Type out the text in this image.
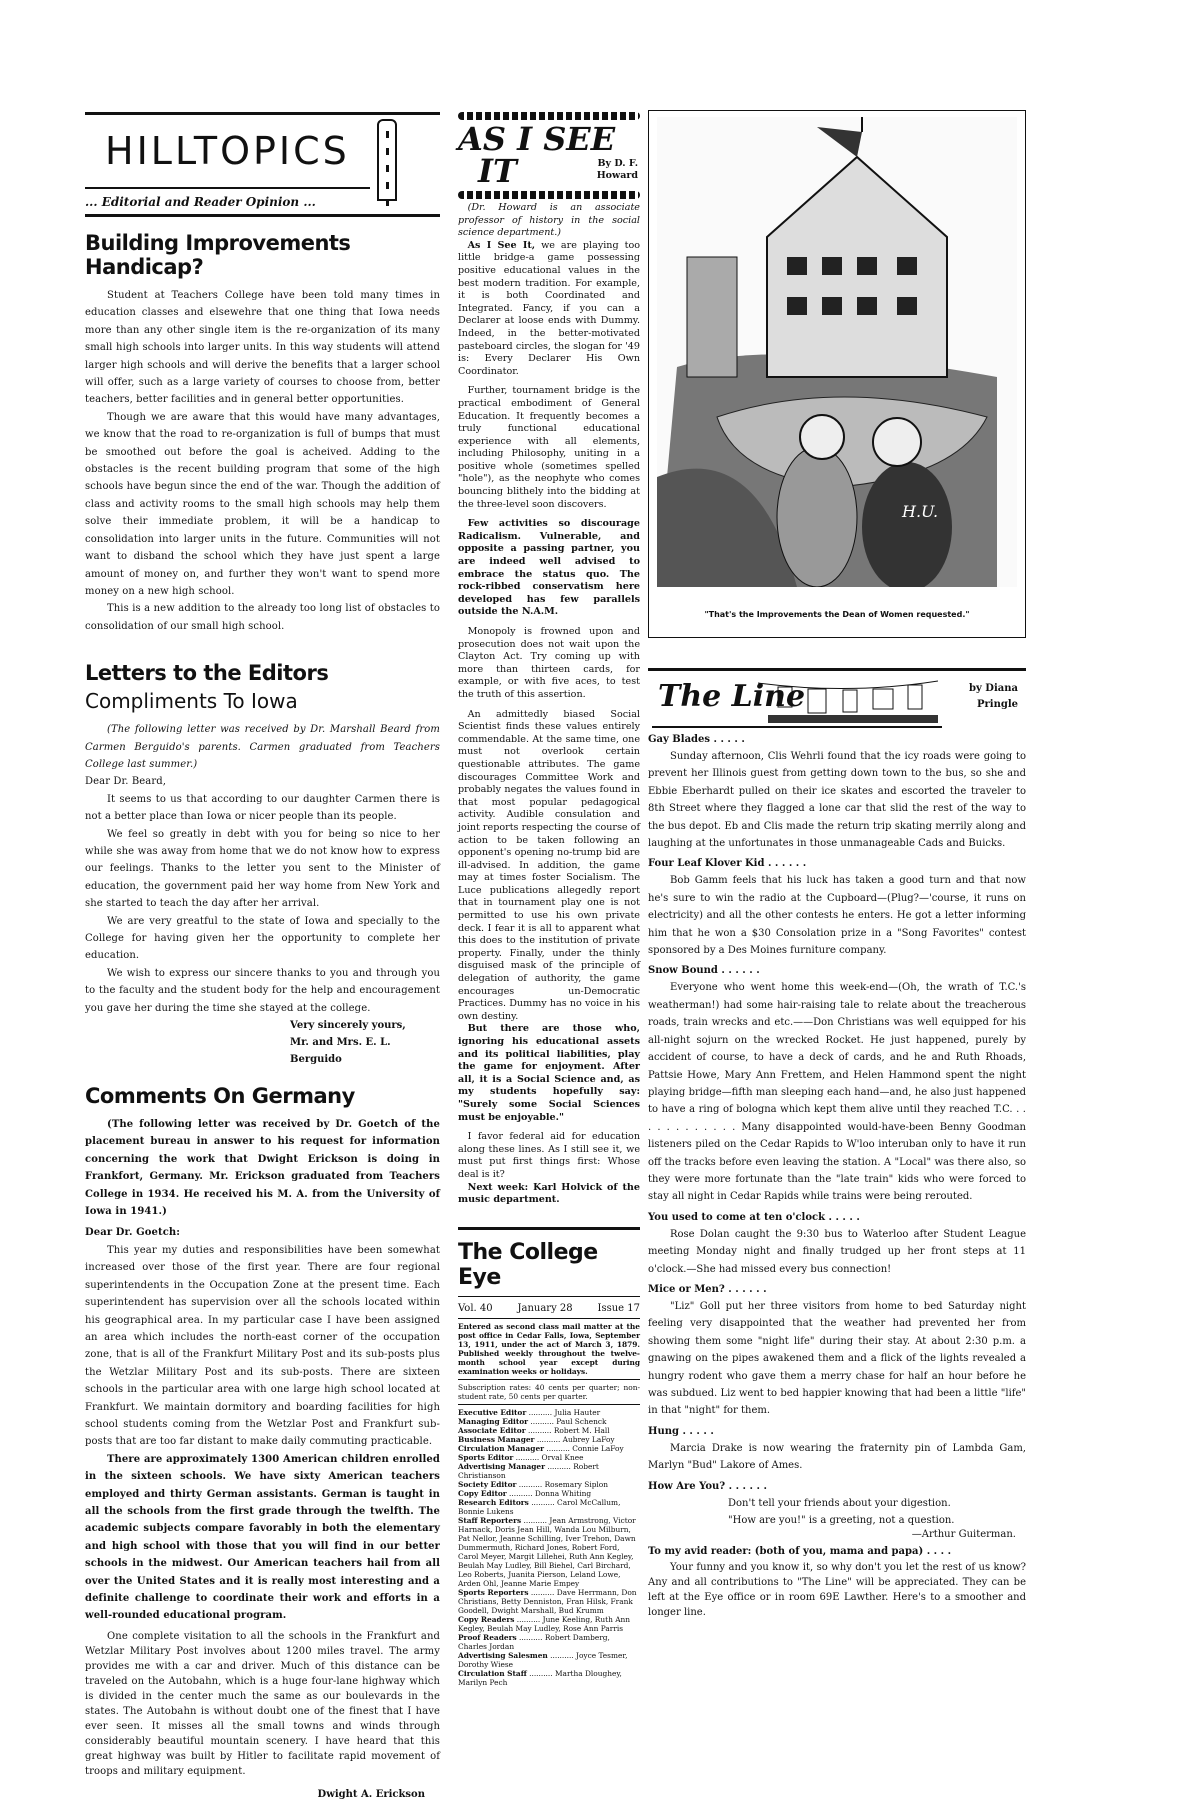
HILLTOPICS
... Editorial and Reader Opinion ...
Building Improvements Handicap?

Student at Teachers College have been told many times in education classes and elsewehre that one thing that Iowa needs more than any other single item is the re-organization of its many small high schools into larger units. In this way students will attend larger high schools and will derive the benefits that a larger school will offer, such as a large variety of courses to choose from, better teachers, better facilities and in general better opportunities.

Though we are aware that this would have many advantages, we know that the road to re-organization is full of bumps that must be smoothed out before the goal is acheived. Adding to the obstacles is the recent building program that some of the high schools have begun since the end of the war. Though the addition of class and activity rooms to the small high schools may help them solve their immediate problem, it will be a handicap to consolidation into larger units in the future. Communities will not want to disband the school which they have just spent a large amount of money on, and further they won't want to spend more money on a new high school.

This is a new addition to the already too long list of obstacles to consolidation of our small high school.

Letters to the Editors
Compliments To Iowa

(The following letter was received by Dr. Marshall Beard from Carmen Berguido's parents. Carmen graduated from Teachers College last summer.)

Dear Dr. Beard,

It seems to us that according to our daughter Carmen there is not a better place than Iowa or nicer people than its people.

We feel so greatly in debt with you for being so nice to her while she was away from home that we do not know how to express our feelings. Thanks to the letter you sent to the Minister of education, the government paid her way home from New York and she started to teach the day after her arrival.

We are very greatful to the state of Iowa and specially to the College for having given her the opportunity to complete her education.

We wish to express our sincere thanks to you and through you to the faculty and the student body for the help and encouragement you gave her during the time she stayed at the college.

Very sincerely yours,
Mr. and Mrs. E. L. Berguido
Comments On Germany

(The following letter was received by Dr. Goetch of the placement bureau in answer to his request for information concerning the work that Dwight Erickson is doing in Frankfort, Germany. Mr. Erickson graduated from Teachers College in 1934. He received his M. A. from the University of Iowa in 1941.)

Dear Dr. Goetch:

This year my duties and responsibilities have been somewhat increased over those of the first year. There are four regional superintendents in the Occupation Zone at the present time. Each superintendent has supervision over all the schools located within his geographical area. In my particular case I have been assigned an area which includes the north-east corner of the occupation zone, that is all of the Frankfurt Military Post and its sub-posts plus the Wetzlar Military Post and its sub-posts. There are sixteen schools in the particular area with one large high school located at Frankfurt. We maintain dormitory and boarding facilities for high school students coming from the Wetzlar Post and Frankfurt sub-posts that are too far distant to make daily commuting practicable.

There are approximately 1300 American children enrolled in the sixteen schools. We have sixty American teachers employed and thirty German assistants. German is taught in all the schools from the first grade through the twelfth. The academic subjects compare favorably in both the elementary and high school with those that you will find in our better schools in the midwest. Our American teachers hail from all over the United States and it is really most interesting and a definite challenge to coordinate their work and efforts in a well-rounded educational program.

One complete visitation to all the schools in the Frankfurt and Wetzlar Military Post involves about 1200 miles travel. The army provides me with a car and driver. Much of this distance can be traveled on the Autobahn, which is a huge four-lane highway which is divided in the center much the same as our boulevards in the states. The Autobahn is without doubt one of the finest that I have ever seen. It misses all the small towns and winds through considerably beautiful mountain scenery. I have heard that this great highway was built by Hitler to facilitate rapid movement of troops and military equipment.

Dwight A. Erickson
AS I SEE
IT	By D. F.
Howard

(Dr. Howard is an associate professor of history in the social science department.)

As I See It, we are playing too little bridge-a game possessing positive educational values in the best modern tradition. For example, it is both Coordinated and Integrated. Fancy, if you can a Declarer at loose ends with Dummy. Indeed, in the better-motivated pasteboard circles, the slogan for '49 is: Every Declarer His Own Coordinator.

Further, tournament bridge is the practical embodiment of General Education. It frequently becomes a truly functional educational experience with all elements, including Philosophy, uniting in a positive whole (sometimes spelled "hole"), as the neophyte who comes bouncing blithely into the bidding at the three-level soon discovers.

Few activities so discourage Radicalism. Vulnerable, and opposite a passing partner, you are indeed well advised to embrace the status quo. The rock-ribbed conservatism here developed has few parallels outside the N.A.M.

Monopoly is frowned upon and prosecution does not wait upon the Clayton Act. Try coming up with more than thirteen cards, for example, or with five aces, to test the truth of this assertion.

An admittedly biased Social Scientist finds these values entirely commendable. At the same time, one must not overlook certain questionable attributes. The game discourages Committee Work and probably negates the values found in that most popular pedagogical activity. Audible consulation and joint reports respecting the course of action to be taken following an opponent's opening no-trump bid are ill-advised. In addition, the game may at times foster Socialism. The Luce publications allegedly report that in tournament play one is not permitted to use his own private deck. I fear it is all to apparent what this does to the institution of private property. Finally, under the thinly disguised mask of the principle of delegation of authority, the game encourages un-Democratic Practices. Dummy has no voice in his own destiny.

But there are those who, ignoring his educational assets and its political liabilities, play the game for enjoyment. After all, it is a Social Science and, as my students hopefully say: "Surely some Social Sciences must be enjoyable."

I favor federal aid for education along these lines. As I still see it, we must put first things first: Whose deal is it?

Next week: Karl Holvick of the music department.

The College Eye
Vol. 40 January 28 Issue 17
Entered as second class mail matter at the post office in Cedar Falls, Iowa, September 13, 1911, under the act of March 3, 1879. Published weekly throughout the twelve-month school year except during examination weeks or holidays.
Subscription rates: 40 cents per quarter; non-student rate, 50 cents per quarter.
Executive Editor .......... Julia Hauter
Managing Editor .......... Paul Schenck
Associate Editor .......... Robert M. Hall
Business Manager .......... Aubrey LaFoy
Circulation Manager .......... Connie LaFoy
Sports Editor .......... Orval Knee
Advertising Manager .......... Robert Christianson
Society Editor .......... Rosemary Siplon
Copy Editor .......... Donna Whiting
Research Editors .......... Carol McCallum, Bonnie Lukens
Staff Reporters .......... Jean Armstrong, Victor Harnack, Doris Jean Hill, Wanda Lou Milburn, Pat Nellor, Jeanne Schilling, Iver Trehon, Dawn Dummermuth, Richard Jones, Robert Ford, Carol Meyer, Margit Lillehei, Ruth Ann Kegley, Beulah May Ludley, Bill Biehel, Carl Birchard, Leo Roberts, Juanita Pierson, Leland Lowe, Arden Ohl, Jeanne Marie Empey
Sports Reporters .......... Dave Herrmann, Don Christians, Betty Denniston, Fran Hilsk, Frank Goodell, Dwight Marshall, Bud Krumm
Copy Readers .......... June Keeling, Ruth Ann Kegley, Beulah May Ludley, Rose Ann Parris
Proof Readers .......... Robert Damberg, Charles Jordan
Advertising Salesmen .......... Joyce Tesmer, Dorothy Wiese
Circulation Staff .......... Martha Dloughey, Marilyn Pech
H.U.
"That's the Improvements the Dean of Women requested."
The Line	by Diana
Pringle
Gay Blades . . . . .

Sunday afternoon, Clis Wehrli found that the icy roads were going to prevent her Illinois guest from getting down town to the bus, so she and Ebbie Eberhardt pulled on their ice skates and escorted the traveler to 8th Street where they flagged a lone car that slid the rest of the way to the bus depot. Eb and Clis made the return trip skating merrily along and laughing at the unfortunates in those unmanageable Cads and Buicks.

Four Leaf Klover Kid . . . . . .

Bob Gamm feels that his luck has taken a good turn and that now he's sure to win the radio at the Cupboard—(Plug?—'course, it runs on electricity) and all the other contests he enters. He got a letter informing him that he won a $30 Consolation prize in a "Song Favorites" contest sponsored by a Des Moines furniture company.

Snow Bound . . . . . .

Everyone who went home this week-end—(Oh, the wrath of T.C.'s weatherman!) had some hair-raising tale to relate about the treacherous roads, train wrecks and etc.——Don Christians was well equipped for his all-night sojurn on the wrecked Rocket. He just happened, purely by accident of course, to have a deck of cards, and he and Ruth Rhoads, Pattsie Howe, Mary Ann Frettem, and Helen Hammond spent the night playing bridge—fifth man sleeping each hand—and, he also just happened to have a ring of bologna which kept them alive until they reached T.C. . . . . . . . . . . . . Many disappointed would-have-been Benny Goodman listeners piled on the Cedar Rapids to W'loo interuban only to have it run off the tracks before even leaving the station. A "Local" was there also, so they were more fortunate than the "late train" kids who were forced to stay all night in Cedar Rapids while trains were being rerouted.

You used to come at ten o'clock . . . . .

Rose Dolan caught the 9:30 bus to Waterloo after Student League meeting Monday night and finally trudged up her front steps at 11 o'clock.—She had missed every bus connection!

Mice or Men? . . . . . .

"Liz" Goll put her three visitors from home to bed Saturday night feeling very disappointed that the weather had prevented her from showing them some "night life" during their stay. At about 2:30 p.m. a gnawing on the pipes awakened them and a flick of the lights revealed a hungry rodent who gave them a merry chase for half an hour before he was subdued. Liz went to bed happier knowing that had been a little "life" in that "night" for them.

Hung . . . . .

Marcia Drake is now wearing the fraternity pin of Lambda Gam, Marlyn "Bud" Lakore of Ames.

How Are You? . . . . . .
Don't tell your friends about your digestion.
"How are you!" is a greeting, not a question.
—Arthur Guiterman.
To my avid reader: (both of you, mama and papa) . . . .

Your funny and you know it, so why don't you let the rest of us know? Any and all contributions to "The Line" will be appreciated. They can be left at the Eye office or in room 69E Lawther. Here's to a smoother and longer line.
